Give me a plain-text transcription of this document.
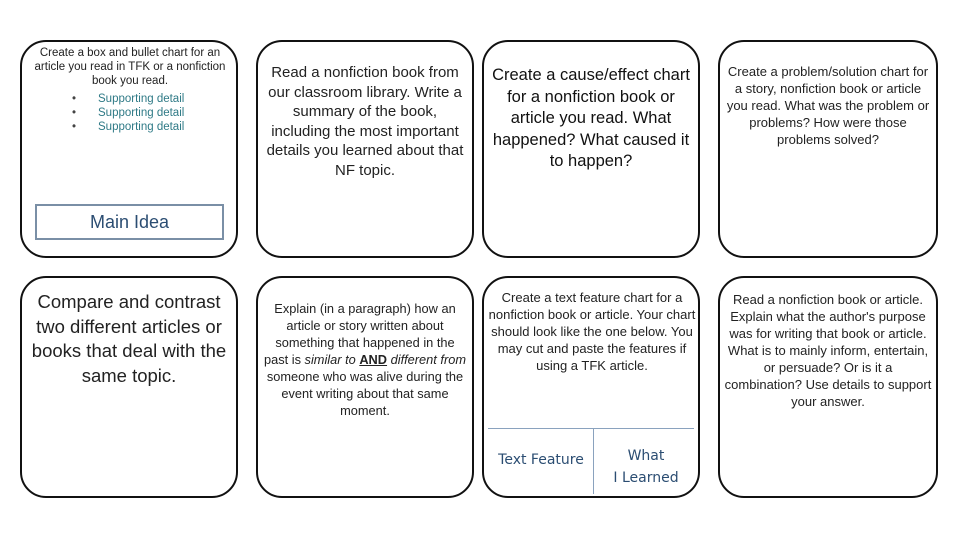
Create a box and bullet chart for an article you read in TFK or a nonfiction book you read.
• Supporting detail
• Supporting detail
• Supporting detail
Main Idea
Read a nonfiction book from our classroom library. Write a summary of the book, including the most important details you learned about that NF topic.
Create a cause/effect chart for a nonfiction book or article you read. What happened? What caused it to happen?
Create a problem/solution chart for a story, nonfiction book or article you read. What was the problem or problems? How were those problems solved?
Compare and contrast two different articles or books that deal with the same topic.
Explain (in a paragraph) how an article or story written about something that happened in the past is similar to AND different from someone who was alive during the event writing about that same moment.
Create a text feature chart for a nonfiction book or article. Your chart should look like the one below. You may cut and paste the features if using a TFK article.
Text Feature	What
I Learned
Read a nonfiction book or article. Explain what the author's purpose was for writing that book or article. What is to mainly inform, entertain, or persuade? Or is it a combination? Use details to support your answer.
